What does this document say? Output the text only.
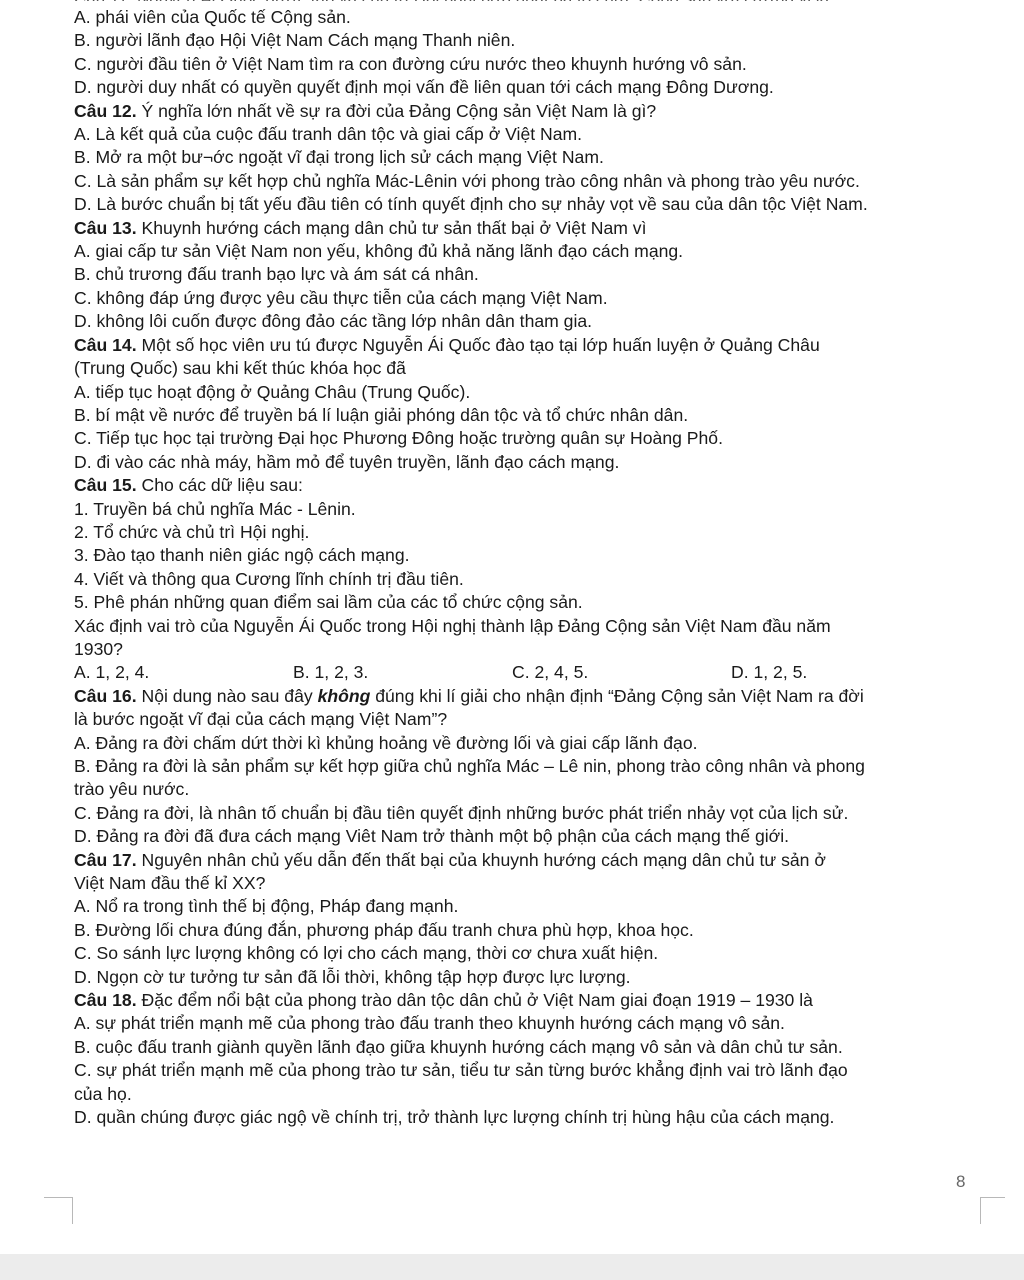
A. phái viên của Quốc tế Cộng sản.
B. người lãnh đạo Hội Việt Nam Cách mạng Thanh niên.
C. người đầu tiên ở Việt Nam tìm ra con đường cứu nước theo khuynh hướng vô sản.
D. người duy nhất có quyền quyết định mọi vấn đề liên quan tới cách mạng Đông Dương.
Câu 12. Ý nghĩa lớn nhất về sự ra đời của Đảng Cộng sản Việt Nam là gì?
A. Là kết quả của cuộc đấu tranh dân tộc và giai cấp ở Việt Nam.
B. Mở ra một bư¬ớc ngoặt vĩ đại trong lịch sử cách mạng Việt Nam.
C. Là sản phẩm sự kết hợp chủ nghĩa Mác-Lênin với phong trào công nhân và phong trào yêu nước.
D. Là bước chuẩn bị tất yếu đầu tiên có tính quyết định cho sự nhảy vọt về sau của dân tộc Việt Nam.
Câu 13. Khuynh hướng cách mạng dân chủ tư sản thất bại ở Việt Nam vì
A. giai cấp tư sản Việt Nam non yếu, không đủ khả năng lãnh đạo cách mạng.
B. chủ trương đấu tranh bạo lực và ám sát cá nhân.
C. không đáp ứng được yêu cầu thực tiễn của cách mạng Việt Nam.
D. không lôi cuốn được đông đảo các tầng lớp nhân dân tham gia.
Câu 14. Một số học viên ưu tú được Nguyễn Ái Quốc đào tạo tại lớp huấn luyện ở Quảng Châu
(Trung Quốc) sau khi kết thúc khóa học đã
A. tiếp tục hoạt động ở Quảng Châu (Trung Quốc).
B. bí mật về nước để truyền bá lí luận giải phóng dân tộc và tổ chức nhân dân.
C. Tiếp tục học tại trường Đại học Phương Đông hoặc trường quân sự Hoàng Phố.
D. đi vào các nhà máy, hầm mỏ để tuyên truyền, lãnh đạo cách mạng.
Câu 15. Cho các dữ liệu sau:
1. Truyền bá chủ nghĩa Mác - Lênin.
2. Tổ chức và chủ trì Hội nghị.
3. Đào tạo thanh niên giác ngộ cách mạng.
4. Viết và thông qua Cương lĩnh chính trị đầu tiên.
5. Phê phán những quan điểm sai lầm của các tổ chức cộng sản.
Xác định vai trò của Nguyễn Ái Quốc trong Hội nghị thành lập Đảng Cộng sản Việt Nam đầu năm
1930?
A. 1, 2, 4.	B. 1, 2, 3.	C. 2, 4, 5.	D. 1, 2, 5.
Câu 16. Nội dung nào sau đây không đúng khi lí giải cho nhận định “Đảng Cộng sản Việt Nam ra đời
là bước ngoặt vĩ đại của cách mạng Việt Nam”?
A. Đảng ra đời chấm dứt thời kì khủng hoảng về đường lối và giai cấp lãnh đạo.
B. Đảng ra đời là sản phẩm sự kết hợp giữa chủ nghĩa Mác – Lê nin, phong trào công nhân và phong
trào yêu nước.
C. Đảng ra đời, là nhân tố chuẩn bị đầu tiên quyết định những bước phát triển nhảy vọt của lịch sử.
D. Đảng ra đời đã đưa cách mạng Viêt Nam trở thành một bộ phận của cách mạng thế giới.
Câu 17. Nguyên nhân chủ yếu dẫn đến thất bại của khuynh hướng cách mạng dân chủ tư sản ở
Việt Nam đầu thế kỉ XX?
A. Nổ ra trong tình thế bị động, Pháp đang mạnh.
B. Đường lối chưa đúng đắn, phương pháp đấu tranh chưa phù hợp, khoa học.
C. So sánh lực lượng không có lợi cho cách mạng, thời cơ chưa xuất hiện.
D. Ngọn cờ tư tưởng tư sản đã lỗi thời, không tập hợp được lực lượng.
Câu 18. Đặc đểm nổi bật của phong trào dân tộc dân chủ ở Việt Nam giai đoạn 1919 – 1930 là
A. sự phát triển mạnh mẽ của phong trào đấu tranh theo khuynh hướng cách mạng vô sản.
B. cuộc đấu tranh giành quyền lãnh đạo giữa khuynh hướng cách mạng vô sản và dân chủ tư sản.
C. sự phát triển mạnh mẽ của phong trào tư sản, tiểu tư sản từng bước khẳng định vai trò lãnh đạo
của họ.
D. quần chúng được giác ngộ về chính trị, trở thành lực lượng chính trị hùng hậu của cách mạng.
8
